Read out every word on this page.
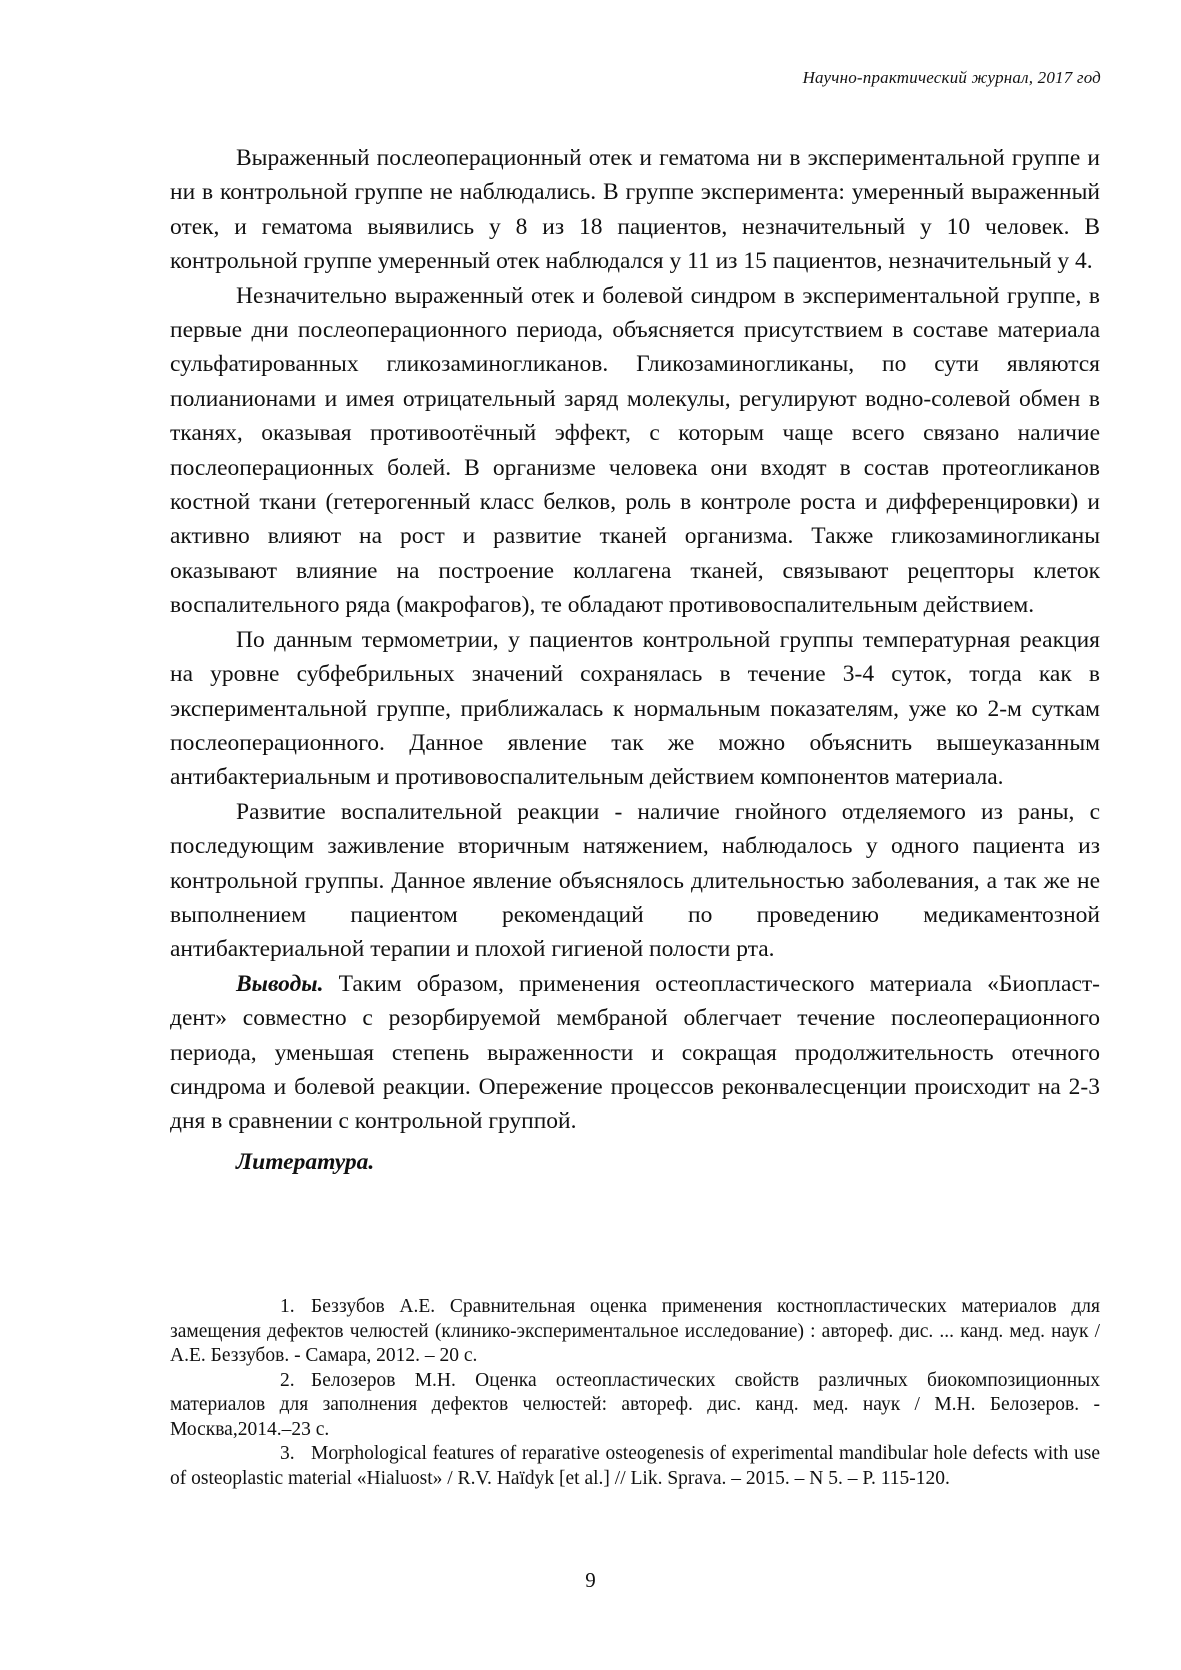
Научно-практический журнал, 2017 год

Выраженный послеоперационный отек и гематома ни в экспериментальной группе и ни в контрольной группе не наблюдались. В группе эксперимента: умеренный выраженный отек, и гематома выявились у 8 из 18 пациентов, незначительный у 10 человек. В контрольной группе умеренный отек наблюдался у 11 из 15 пациентов, незначительный у 4.

Незначительно выраженный отек и болевой синдром в экспериментальной группе, в первые дни послеоперационного периода, объясняется присутствием в составе материала сульфатированных гликозаминогликанов. Гликозаминогликаны, по сути являются полианионами и имея отрицательный заряд молекулы, регулируют водно-солевой обмен в тканях, оказывая противоотёчный эффект, с которым чаще всего связано наличие послеоперационных болей. В организме человека они входят в состав протеогликанов костной ткани (гетерогенный класс белков, роль в контроле роста и дифференцировки) и активно влияют на рост и развитие тканей организма. Также гликозаминогликаны оказывают влияние на построение коллагена тканей, связывают рецепторы клеток воспалительного ряда (макрофагов), те обладают противовоспалительным действием.

По данным термометрии, у пациентов контрольной группы температурная реакция на уровне субфебрильных значений сохранялась в течение 3-4 суток, тогда как в экспериментальной группе, приближалась к нормальным показателям, уже ко 2-м суткам послеоперационного. Данное явление так же можно объяснить вышеуказанным антибактериальным и противовоспалительным действием компонентов материала.

Развитие воспалительной реакции - наличие гнойного отделяемого из раны, с последующим заживление вторичным натяжением, наблюдалось у одного пациента из контрольной группы. Данное явление объяснялось длительностью заболевания, а так же не выполнением пациентом рекомендаций по проведению медикаментозной антибактериальной терапии и плохой гигиеной полости рта.

Выводы. Таким образом, применения остеопластического материала «Биопласт-дент» совместно с резорбируемой мембраной облегчает течение послеоперационного периода, уменьшая степень выраженности и сокращая продолжительность отечного синдрома и болевой реакции. Опережение процессов реконвалесценции происходит на 2-3 дня в сравнении с контрольной группой.

Литература.

1. Беззубов А.Е. Сравнительная оценка применения костнопластических материалов для замещения дефектов челюстей (клинико-экспериментальное исследование) : автореф. дис. ... канд. мед. наук / А.Е. Беззубов. - Самара, 2012. – 20 с.

2. Белозеров М.Н. Оценка остеопластических свойств различных биокомпозиционных материалов для заполнения дефектов челюстей: автореф. дис. канд. мед. наук / М.Н. Белозеров. - Москва,2014.–23 с.

3. Morphological features of reparative osteogenesis of experimental mandibular hole defects with use of osteoplastic material «Hialuost» / R.V. Haïdyk [et al.] // Lik. Sprava. – 2015. – N 5. – P. 115-120.

9
